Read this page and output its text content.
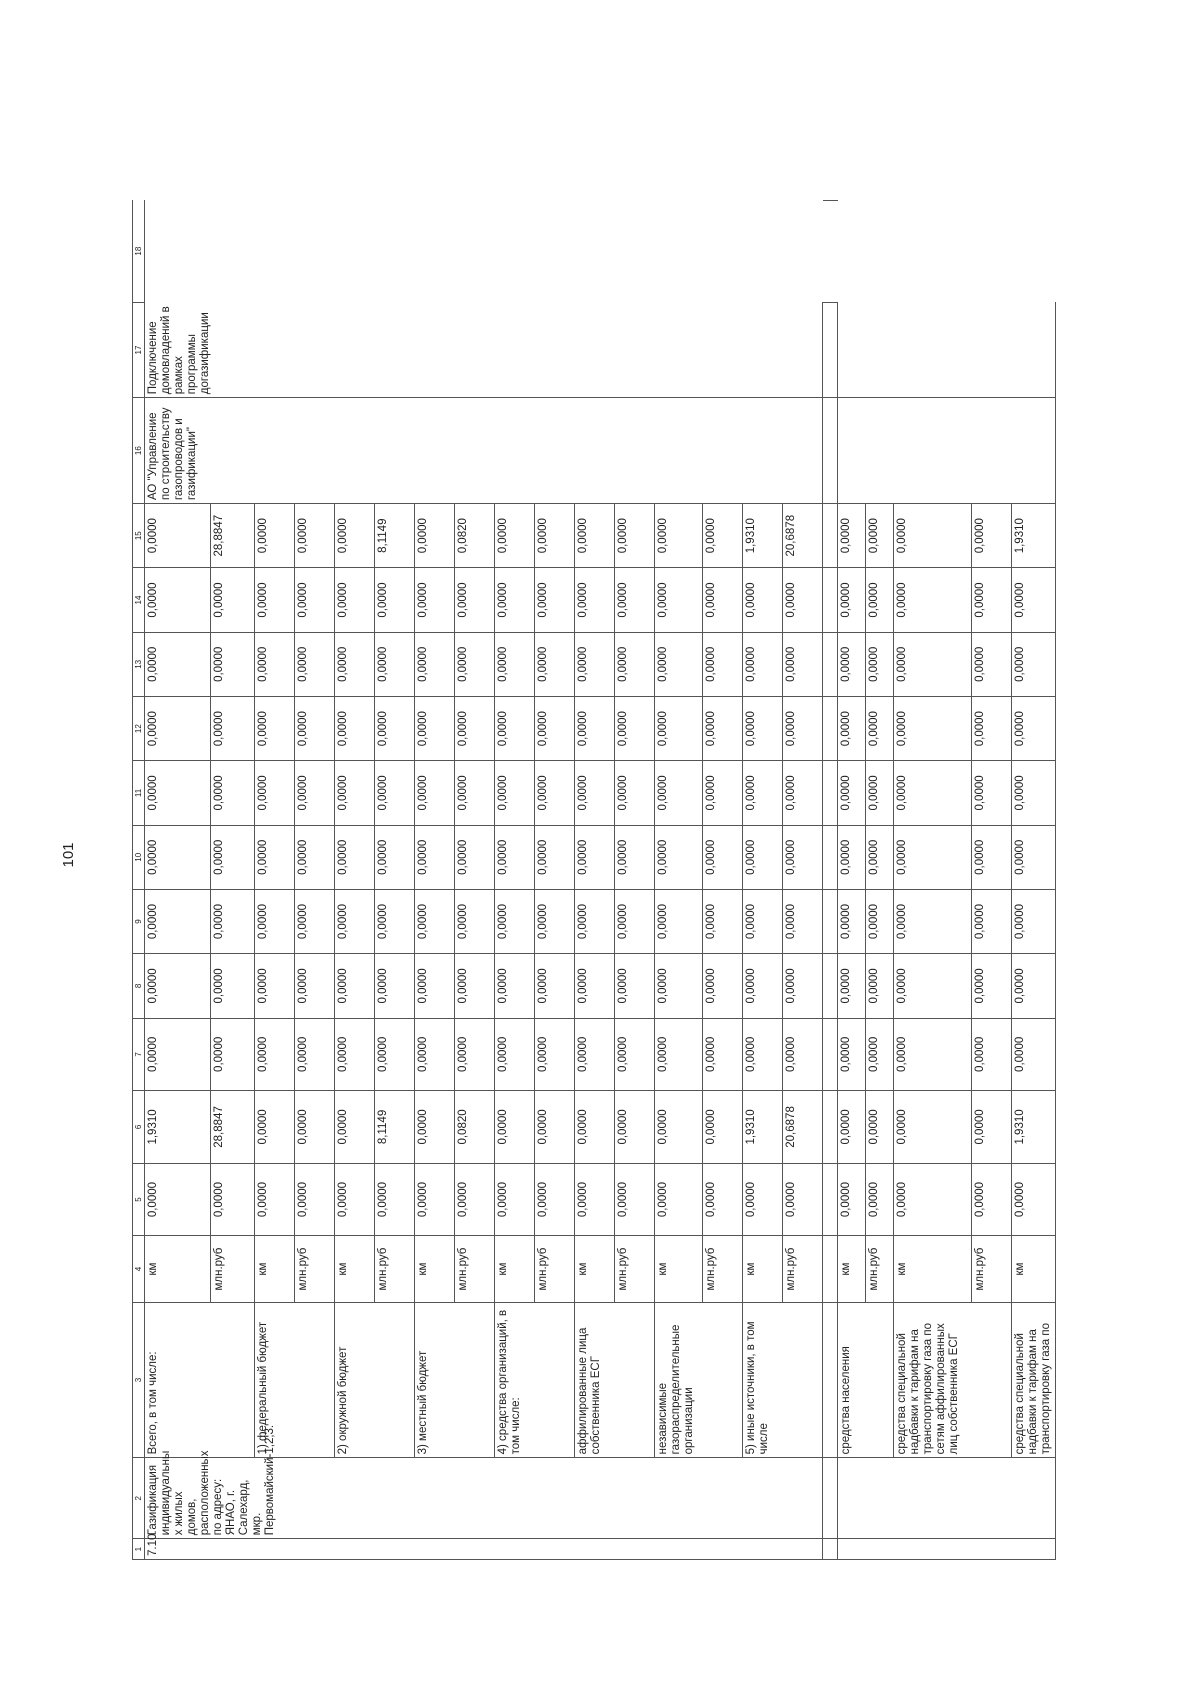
101
1	2	3	4	5	6	7	8	9	10	11	12	13	14	15	16	17	18
7.10.	Газификация индивидуальны х жилых домов, расположенных по адресу: ЯНАО, г. Салехард, мкр. Первомайский-1,2,3.	Всего, в том числе:	км	0,0000	1,9310	0,0000	0,0000	0,0000	0,0000	0,0000	0,0000	0,0000	0,0000	0,0000	АО "Управление по строительству газопроводов и газификации"	Подключение домовладений в рамках программы догазификации	
			млн.руб	0,0000	28,8847	0,0000	0,0000	0,0000	0,0000	0,0000	0,0000	0,0000	0,0000	28,8847			
		1) федеральный бюджет	км	0,0000	0,0000	0,0000	0,0000	0,0000	0,0000	0,0000	0,0000	0,0000	0,0000	0,0000			
			млн.руб	0,0000	0,0000	0,0000	0,0000	0,0000	0,0000	0,0000	0,0000	0,0000	0,0000	0,0000			
		2) окружной бюджет	км	0,0000	0,0000	0,0000	0,0000	0,0000	0,0000	0,0000	0,0000	0,0000	0,0000	0,0000			
			млн.руб	0,0000	8,1149	0,0000	0,0000	0,0000	0,0000	0,0000	0,0000	0,0000	0,0000	8,1149			
		3) местный бюджет	км	0,0000	0,0000	0,0000	0,0000	0,0000	0,0000	0,0000	0,0000	0,0000	0,0000	0,0000			
			млн.руб	0,0000	0,0820	0,0000	0,0000	0,0000	0,0000	0,0000	0,0000	0,0000	0,0000	0,0820			
		4) средства организаций, в том числе:	км	0,0000	0,0000	0,0000	0,0000	0,0000	0,0000	0,0000	0,0000	0,0000	0,0000	0,0000			
			млн.руб	0,0000	0,0000	0,0000	0,0000	0,0000	0,0000	0,0000	0,0000	0,0000	0,0000	0,0000			
		аффилированные лица собственника ЕСГ	км	0,0000	0,0000	0,0000	0,0000	0,0000	0,0000	0,0000	0,0000	0,0000	0,0000	0,0000			
			млн.руб	0,0000	0,0000	0,0000	0,0000	0,0000	0,0000	0,0000	0,0000	0,0000	0,0000	0,0000			
		независимые газораспределительные организации	км	0,0000	0,0000	0,0000	0,0000	0,0000	0,0000	0,0000	0,0000	0,0000	0,0000	0,0000			
			млн.руб	0,0000	0,0000	0,0000	0,0000	0,0000	0,0000	0,0000	0,0000	0,0000	0,0000	0,0000			
		5) иные источники, в том числе	км	0,0000	1,9310	0,0000	0,0000	0,0000	0,0000	0,0000	0,0000	0,0000	0,0000	1,9310			
			млн.руб	0,0000	20,6878	0,0000	0,0000	0,0000	0,0000	0,0000	0,0000	0,0000	0,0000	20,6878			

		средства населения	км	0,0000	0,0000	0,0000	0,0000	0,0000	0,0000	0,0000	0,0000	0,0000	0,0000	0,0000			
			млн.руб	0,0000	0,0000	0,0000	0,0000	0,0000	0,0000	0,0000	0,0000	0,0000	0,0000	0,0000			
		средства специальной надбавки к тарифам на транспортировку газа по сетям аффилированных лиц собственника ЕСГ	км	0,0000	0,0000	0,0000	0,0000	0,0000	0,0000	0,0000	0,0000	0,0000	0,0000	0,0000			
			млн.руб	0,0000	0,0000	0,0000	0,0000	0,0000	0,0000	0,0000	0,0000	0,0000	0,0000	0,0000			
		средства специальной надбавки к тарифам на транспортировку газа по	км	0,0000	1,9310	0,0000	0,0000	0,0000	0,0000	0,0000	0,0000	0,0000	0,0000	1,9310			
